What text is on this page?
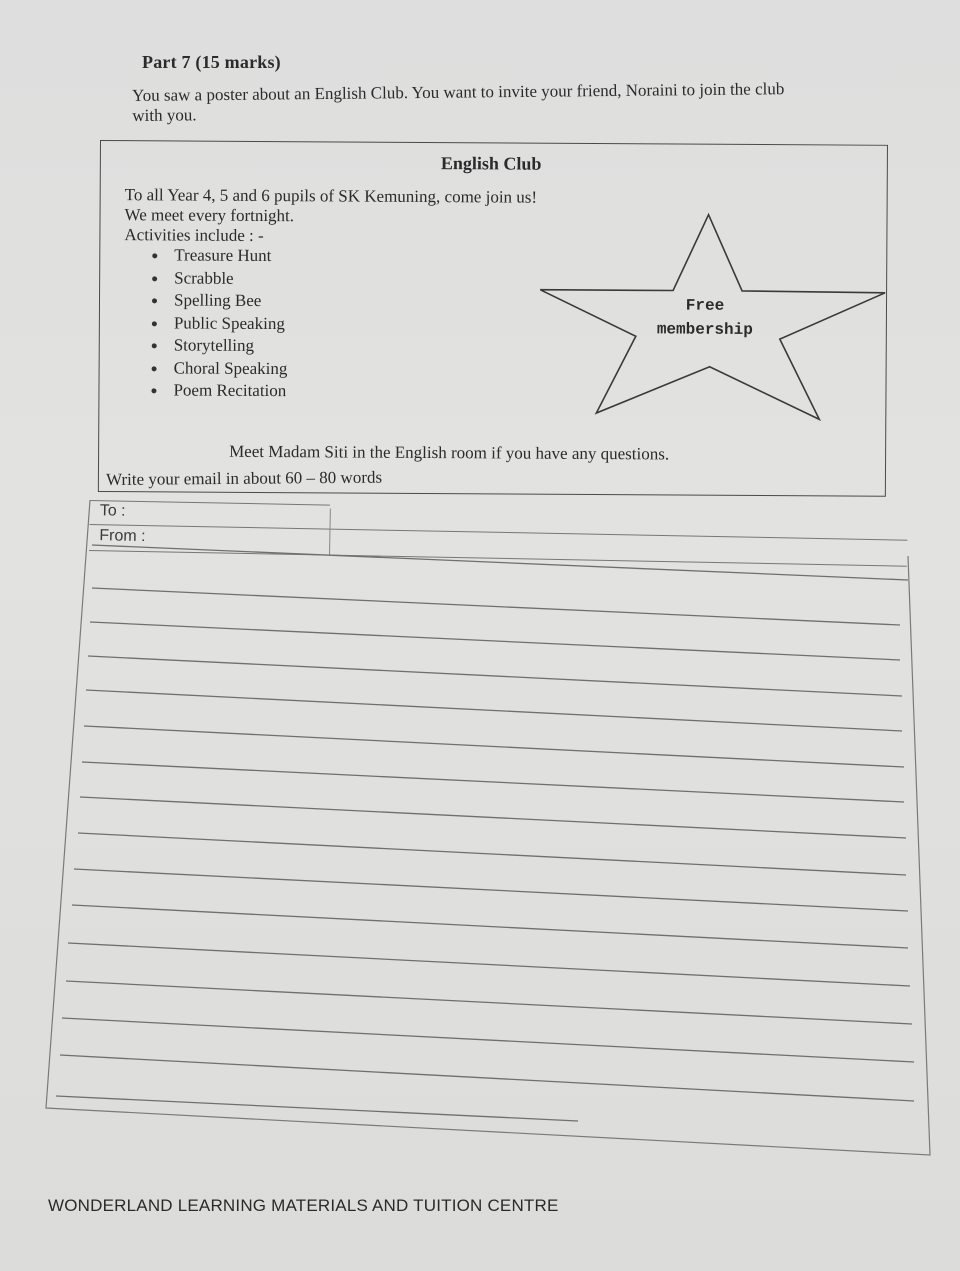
Part 7 (15 marks)
You saw a poster about an English Club. You want to invite your friend, Noraini to join the club
with you.
English Club
To all Year 4, 5 and 6 pupils of SK Kemuning, come join us!
We meet every fortnight.
Activities include : -
Treasure Hunt
Scrabble
Spelling Bee
Public Speaking
Storytelling
Choral Speaking
Poem Recitation
Free
membership
Meet Madam Siti in the English room if you have any questions.
Write your email in about 60 – 80 words
To :
From :
WONDERLAND LEARNING MATERIALS AND TUITION CENTRE
